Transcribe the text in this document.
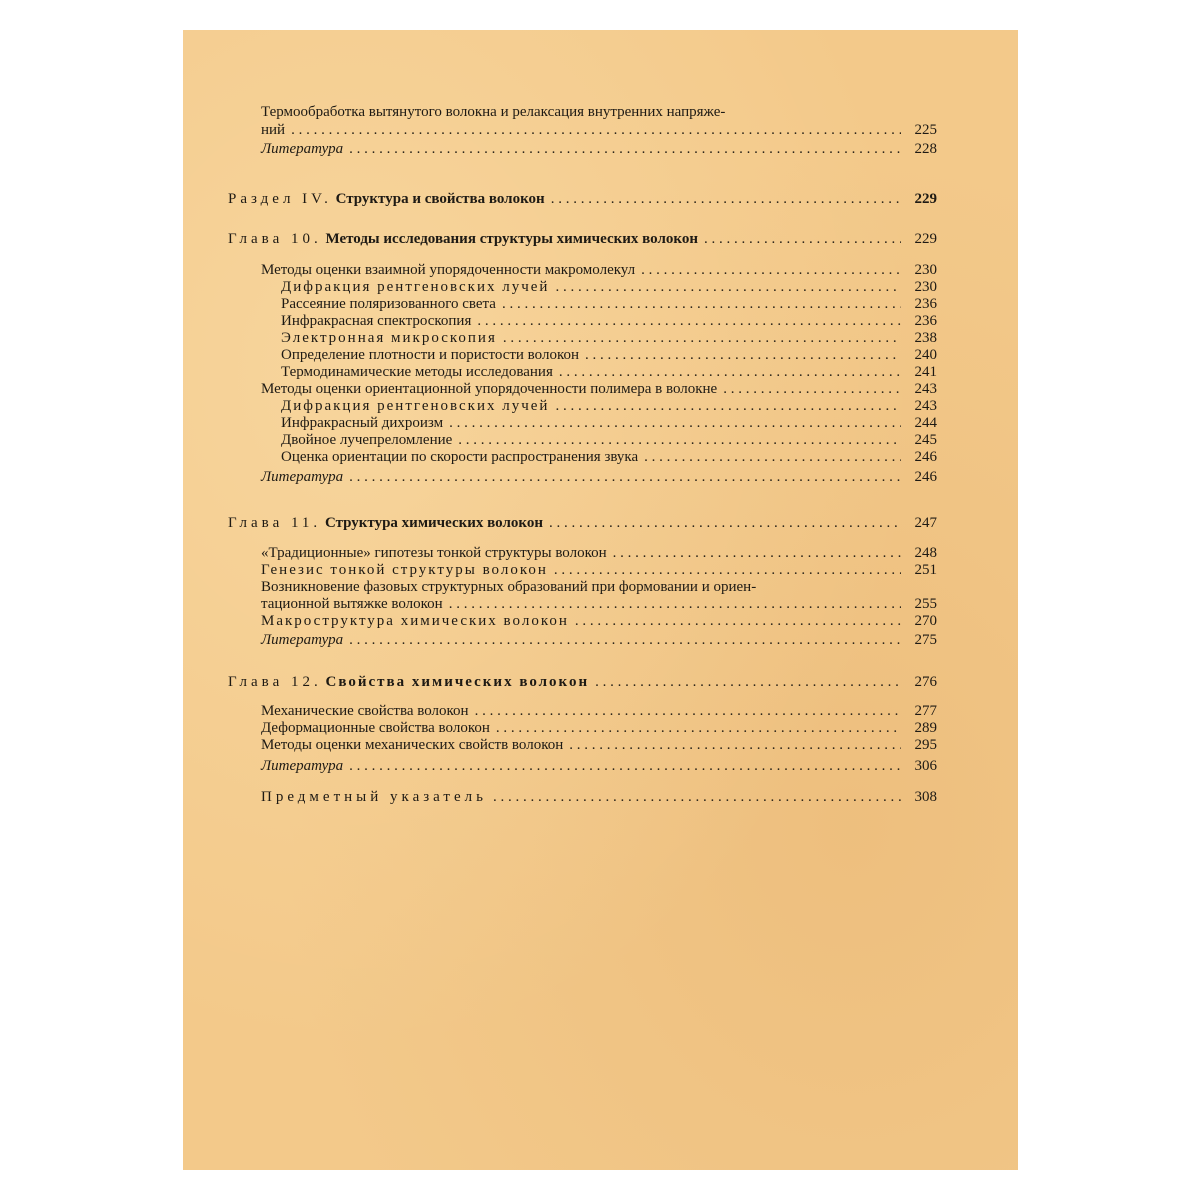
Термообработка вытянутого волокна и релаксация внутренних напряже-
ний . . .	225
Литература . . .	228
Раздел IV. Структура и свойства волокон . . .	229
Глава 10. Методы исследования структуры химических волокон . . .	229
Методы оценки взаимной упорядоченности макромолекул . . .	230
Дифракция рентгеновских лучей . . .	230
Рассеяние поляризованного света . . .	236
Инфракрасная спектроскопия . . .	236
Электронная микроскопия . . .	238
Определение плотности и пористости волокон . . .	240
Термодинамические методы исследования . . .	241
Методы оценки ориентационной упорядоченности полимера в волокне . . .	243
Дифракция рентгеновских лучей . . .	243
Инфракрасный дихроизм . . .	244
Двойное лучепреломление . . .	245
Оценка ориентации по скорости распространения звука . . .	246
Литература . . .	246
Глава 11. Структура химических волокон . . .	247
«Традиционные» гипотезы тонкой структуры волокон . . .	248
Генезис тонкой структуры волокон . . .	251
Возникновение фазовых структурных образований при формовании и ориен-
тационной вытяжке волокон . . .	255
Макроструктура химических волокон . . .	270
Литература . . .	275
Глава 12. Свойства химических волокон . . .	276
Механические свойства волокон . . .	277
Деформационные свойства волокон . . .	289
Методы оценки механических свойств волокон . . .	295
Литература . . .	306
Предметный указатель . . .	308
